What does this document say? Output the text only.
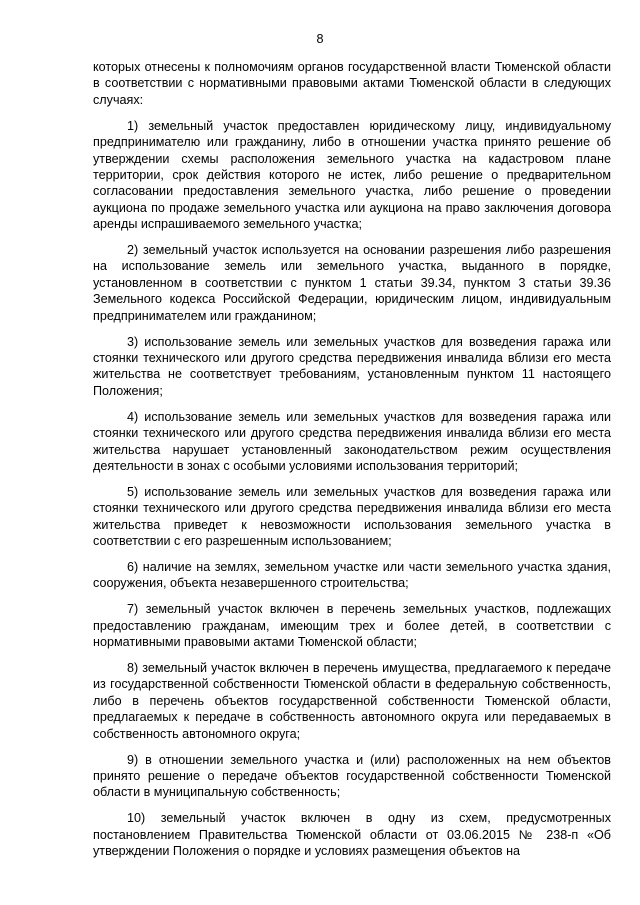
8

которых отнесены к полномочиям органов государственной власти Тюменской области в соответствии с нормативными правовыми актами Тюменской области в следующих случаях:

1) земельный участок предоставлен юридическому лицу, индивидуальному предпринимателю или гражданину, либо в отношении участка принято решение об утверждении схемы расположения земельного участка на кадастровом плане территории, срок действия которого не истек, либо решение о предварительном согласовании предоставления земельного участка, либо решение о проведении аукциона по продаже земельного участка или аукциона на право заключения договора аренды испрашиваемого земельного участка;

2) земельный участок используется на основании разрешения либо разрешения на использование земель или земельного участка, выданного в порядке, установленном в соответствии с пунктом 1 статьи 39.34, пунктом 3 статьи 39.36 Земельного кодекса Российской Федерации, юридическим лицом, индивидуальным предпринимателем или гражданином;

3) использование земель или земельных участков для возведения гаража или стоянки технического или другого средства передвижения инвалида вблизи его места жительства не соответствует требованиям, установленным пунктом 11 настоящего Положения;

4) использование земель или земельных участков для возведения гаража или стоянки технического или другого средства передвижения инвалида вблизи его места жительства нарушает установленный законодательством режим осуществления деятельности в зонах с особыми условиями использования территорий;

5) использование земель или земельных участков для возведения гаража или стоянки технического или другого средства передвижения инвалида вблизи его места жительства приведет к невозможности использования земельного участка в соответствии с его разрешенным использованием;

6) наличие на землях, земельном участке или части земельного участка здания, сооружения, объекта незавершенного строительства;

7) земельный участок включен в перечень земельных участков, подлежащих предоставлению гражданам, имеющим трех и более детей, в соответствии с нормативными правовыми актами Тюменской области;

8) земельный участок включен в перечень имущества, предлагаемого к передаче из государственной собственности Тюменской области в федеральную собственность, либо в перечень объектов государственной собственности Тюменской области, предлагаемых к передаче в собственность автономного округа или передаваемых в собственность автономного округа;

9) в отношении земельного участка и (или) расположенных на нем объектов принято решение о передаче объектов государственной собственности Тюменской области в муниципальную собственность;

10) земельный участок включен в одну из схем, предусмотренных постановлением Правительства Тюменской области от 03.06.2015 № 238-п «Об утверждении Положения о порядке и условиях размещения объектов на
